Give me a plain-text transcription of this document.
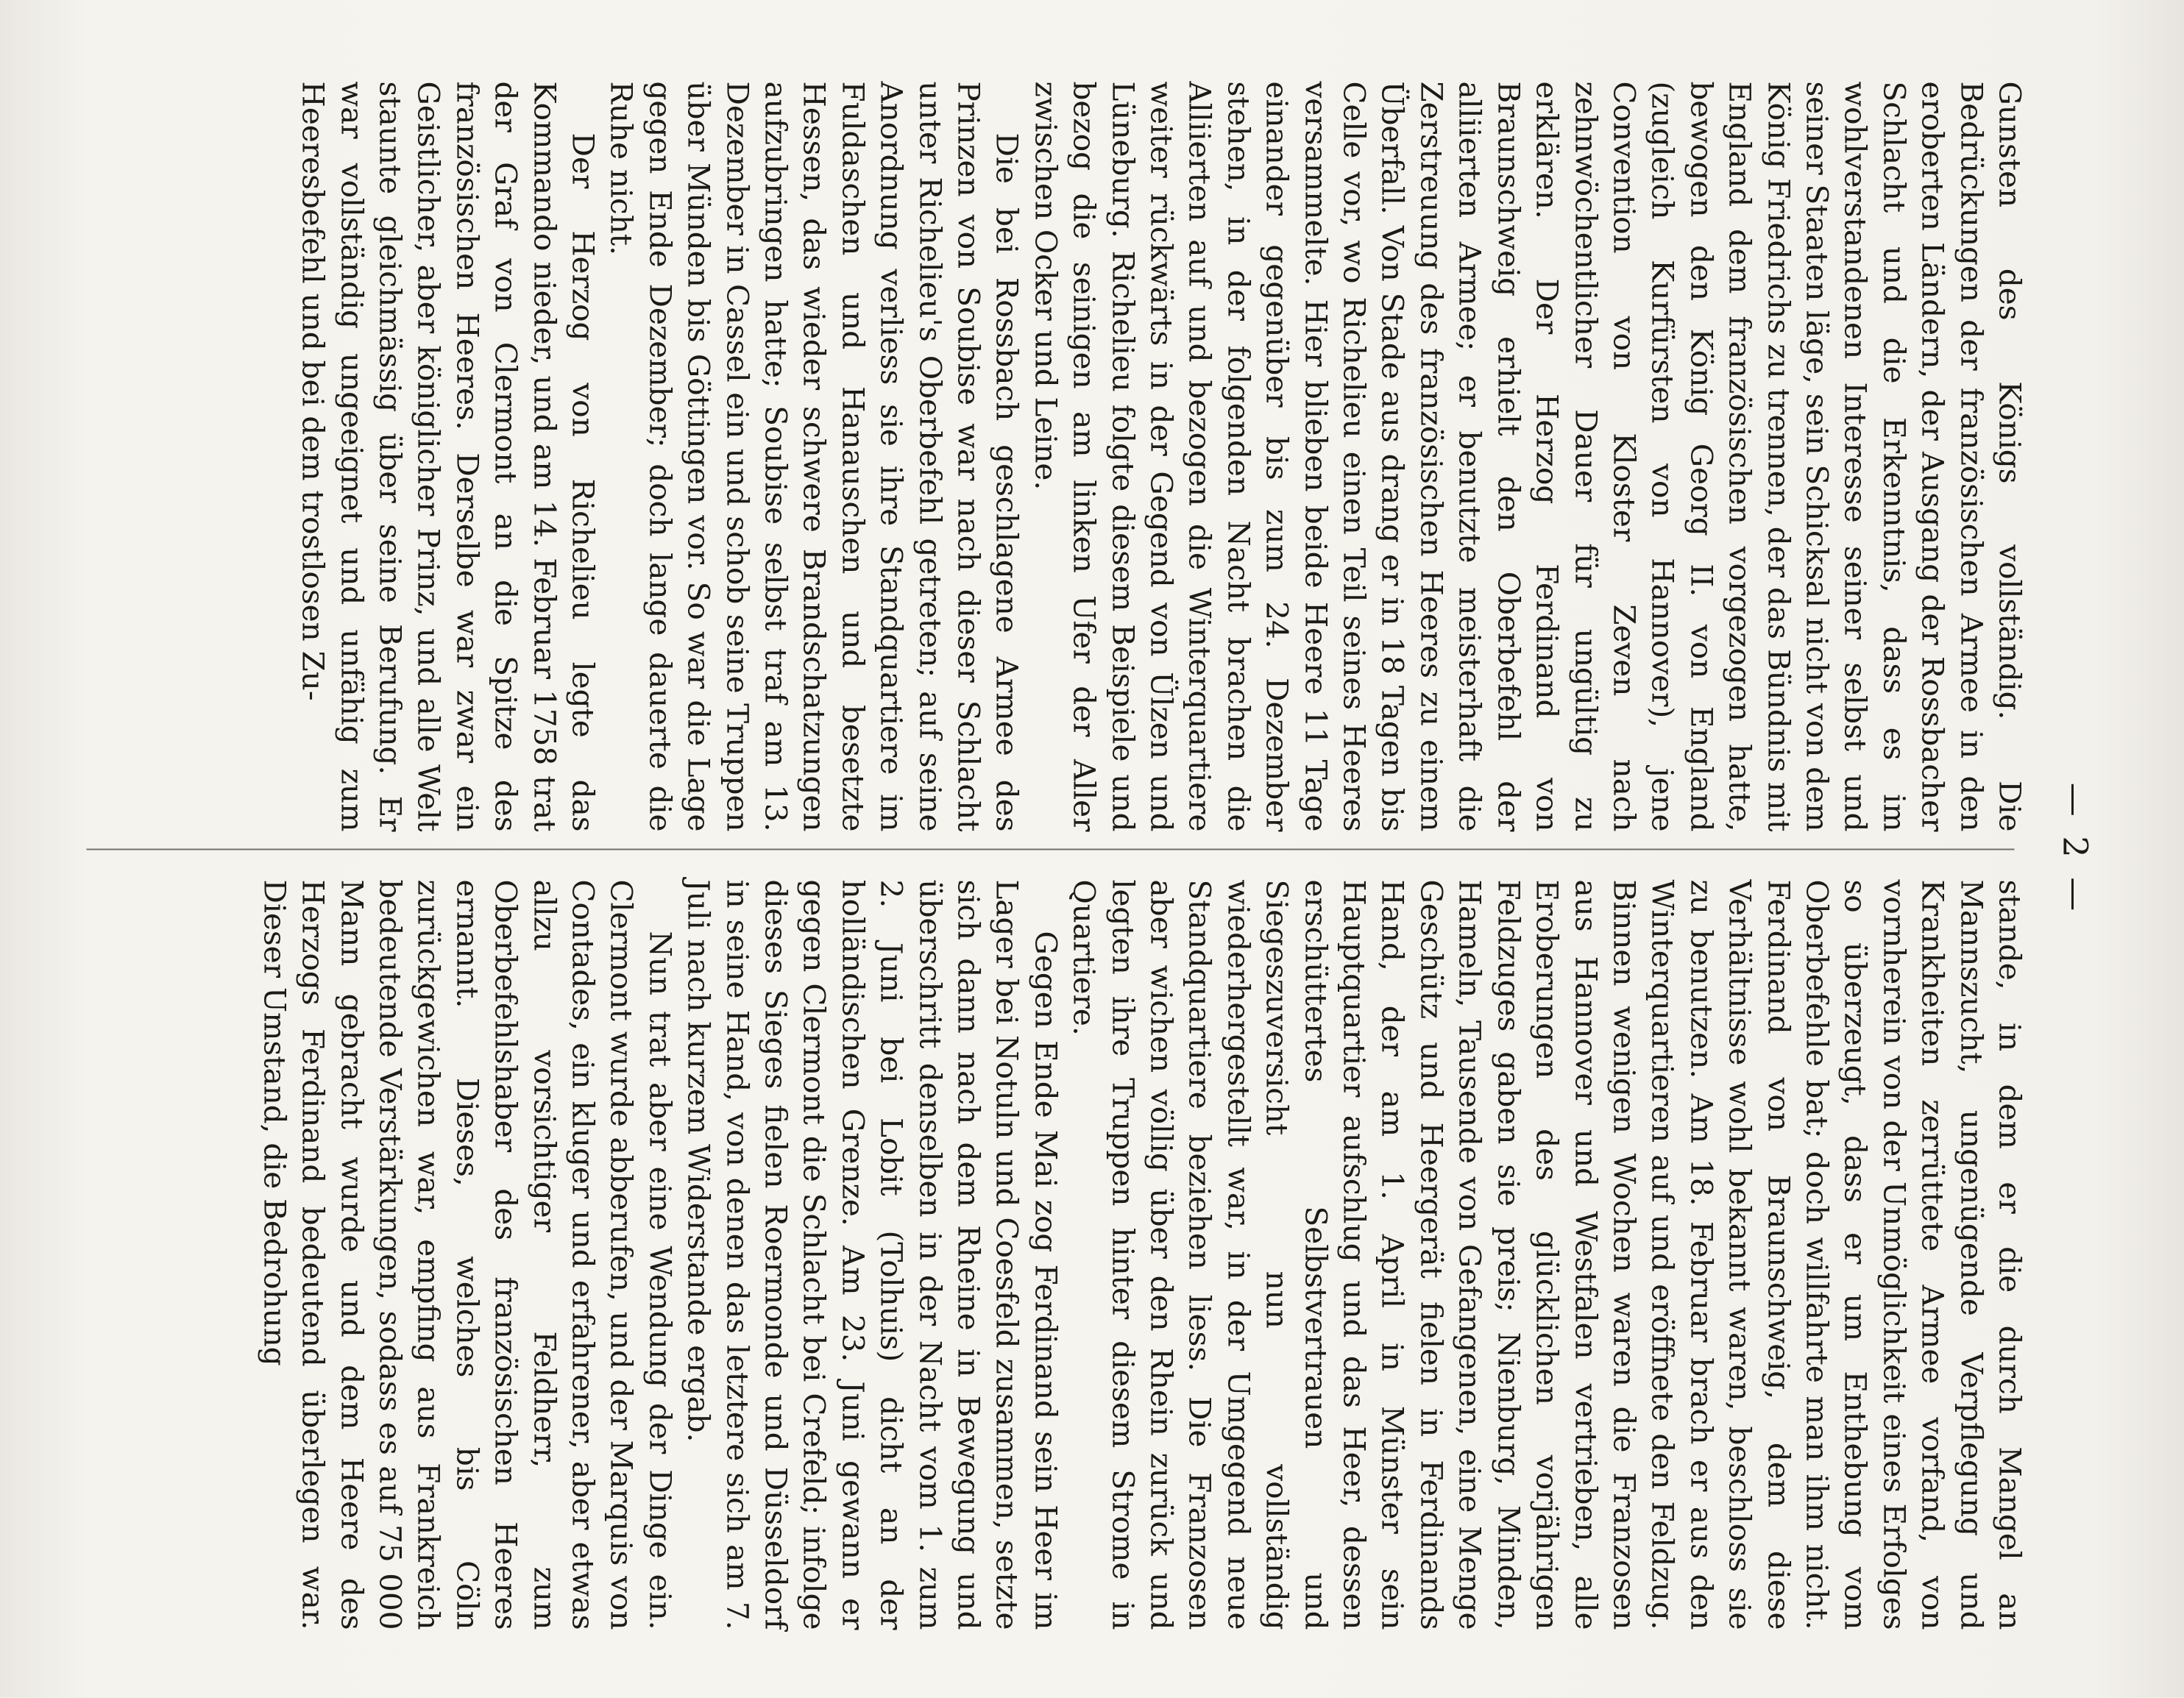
— 2 —

Gunsten des Königs vollständig. Die Bedrückungen der französischen Armee in den eroberten Ländern, der Ausgang der Rossbacher Schlacht und die Erkenntnis, dass es im wohlverstandenen Interesse seiner selbst und seiner Staaten läge, sein Schicksal nicht von dem König Friedrichs zu trennen, der das Bündnis mit England dem französischen vorgezogen hatte, bewogen den König Georg II. von England (zugleich Kurfürsten von Hannover), jene Convention von Kloster Zeven nach zehnwöchentlicher Dauer für ungültig zu erklären. Der Herzog Ferdinand von Braunschweig erhielt den Oberbefehl der alliierten Armee; er benutzte meisterhaft die Zerstreuung des französischen Heeres zu einem Überfall. Von Stade aus drang er in 18 Tagen bis Celle vor, wo Richelieu einen Teil seines Heeres versammelte. Hier blieben beide Heere 11 Tage einander gegenüber bis zum 24. Dezember stehen, in der folgenden Nacht brachen die Alliierten auf und bezogen die Winterquartiere weiter rückwärts in der Gegend von Ülzen und Lüneburg. Richelieu folgte diesem Beispiele und bezog die seinigen am linken Ufer der Aller zwischen Ocker und Leine.

Die bei Rossbach geschlagene Armee des Prinzen von Soubise war nach dieser Schlacht unter Richelieu's Oberbefehl getreten; auf seine Anordnung verliess sie ihre Standquartiere im Fuldaschen und Hanauschen und besetzte Hessen, das wieder schwere Brandschatzungen aufzubringen hatte; Soubise selbst traf am 13. Dezember in Cassel ein und schob seine Truppen über Münden bis Göttingen vor. So war die Lage gegen Ende Dezember; doch lange dauerte die Ruhe nicht.

Der Herzog von Richelieu legte das Kommando nieder, und am 14. Februar 1758 trat der Graf von Clermont an die Spitze des französischen Heeres. Derselbe war zwar ein Geistlicher, aber königlicher Prinz, und alle Welt staunte gleichmässig über seine Berufung. Er war vollständig ungeeignet und unfähig zum Heeresbefehl und bei dem trostlosen Zu-

stande, in dem er die durch Mangel an Mannszucht, ungenügende Verpflegung und Krankheiten zerrüttete Armee vorfand, von vornherein von der Unmöglichkeit eines Erfolges so überzeugt, dass er um Enthebung vom Oberbefehle bat; doch willfahrte man ihm nicht. Ferdinand von Braunschweig, dem diese Verhältnisse wohl bekannt waren, beschloss sie zu benutzen. Am 18. Februar brach er aus den Winterquartieren auf und eröffnete den Feldzug. Binnen wenigen Wochen waren die Franzosen aus Hannover und Westfalen vertrieben, alle Eroberungen des glücklichen vorjährigen Feldzuges gaben sie preis; Nienburg, Minden, Hameln, Tausende von Gefangenen, eine Menge Geschütz und Heergerät fielen in Ferdinands Hand, der am 1. April in Münster sein Hauptquartier aufschlug und das Heer, dessen erschüttertes Selbstvertrauen und Siegeszuversicht nun vollständig wiederhergestellt war, in der Umgegend neue Standquartiere beziehen liess. Die Franzosen aber wichen völlig über den Rhein zurück und legten ihre Truppen hinter diesem Strome in Quartiere.

Gegen Ende Mai zog Ferdinand sein Heer im Lager bei Notuln und Coesfeld zusammen, setzte sich dann nach dem Rheine in Bewegung und überschritt denselben in der Nacht vom 1. zum 2. Juni bei Lobit (Tolhuis) dicht an der holländischen Grenze. Am 23. Juni gewann er gegen Clermont die Schlacht bei Crefeld; infolge dieses Sieges fielen Roermonde und Düsseldorf in seine Hand, von denen das letztere sich am 7. Juli nach kurzem Widerstande ergab.

Nun trat aber eine Wendung der Dinge ein. Clermont wurde abberufen, und der Marquis von Contades, ein kluger und erfahrener, aber etwas allzu vorsichtiger Feldherr, zum Oberbefehlshaber des französischen Heeres ernannt. Dieses, welches bis Cöln zurückgewichen war, empfing aus Frankreich bedeutende Verstärkungen, sodass es auf 75 000 Mann gebracht wurde und dem Heere des Herzogs Ferdinand bedeutend überlegen war. Dieser Umstand, die Bedrohung
